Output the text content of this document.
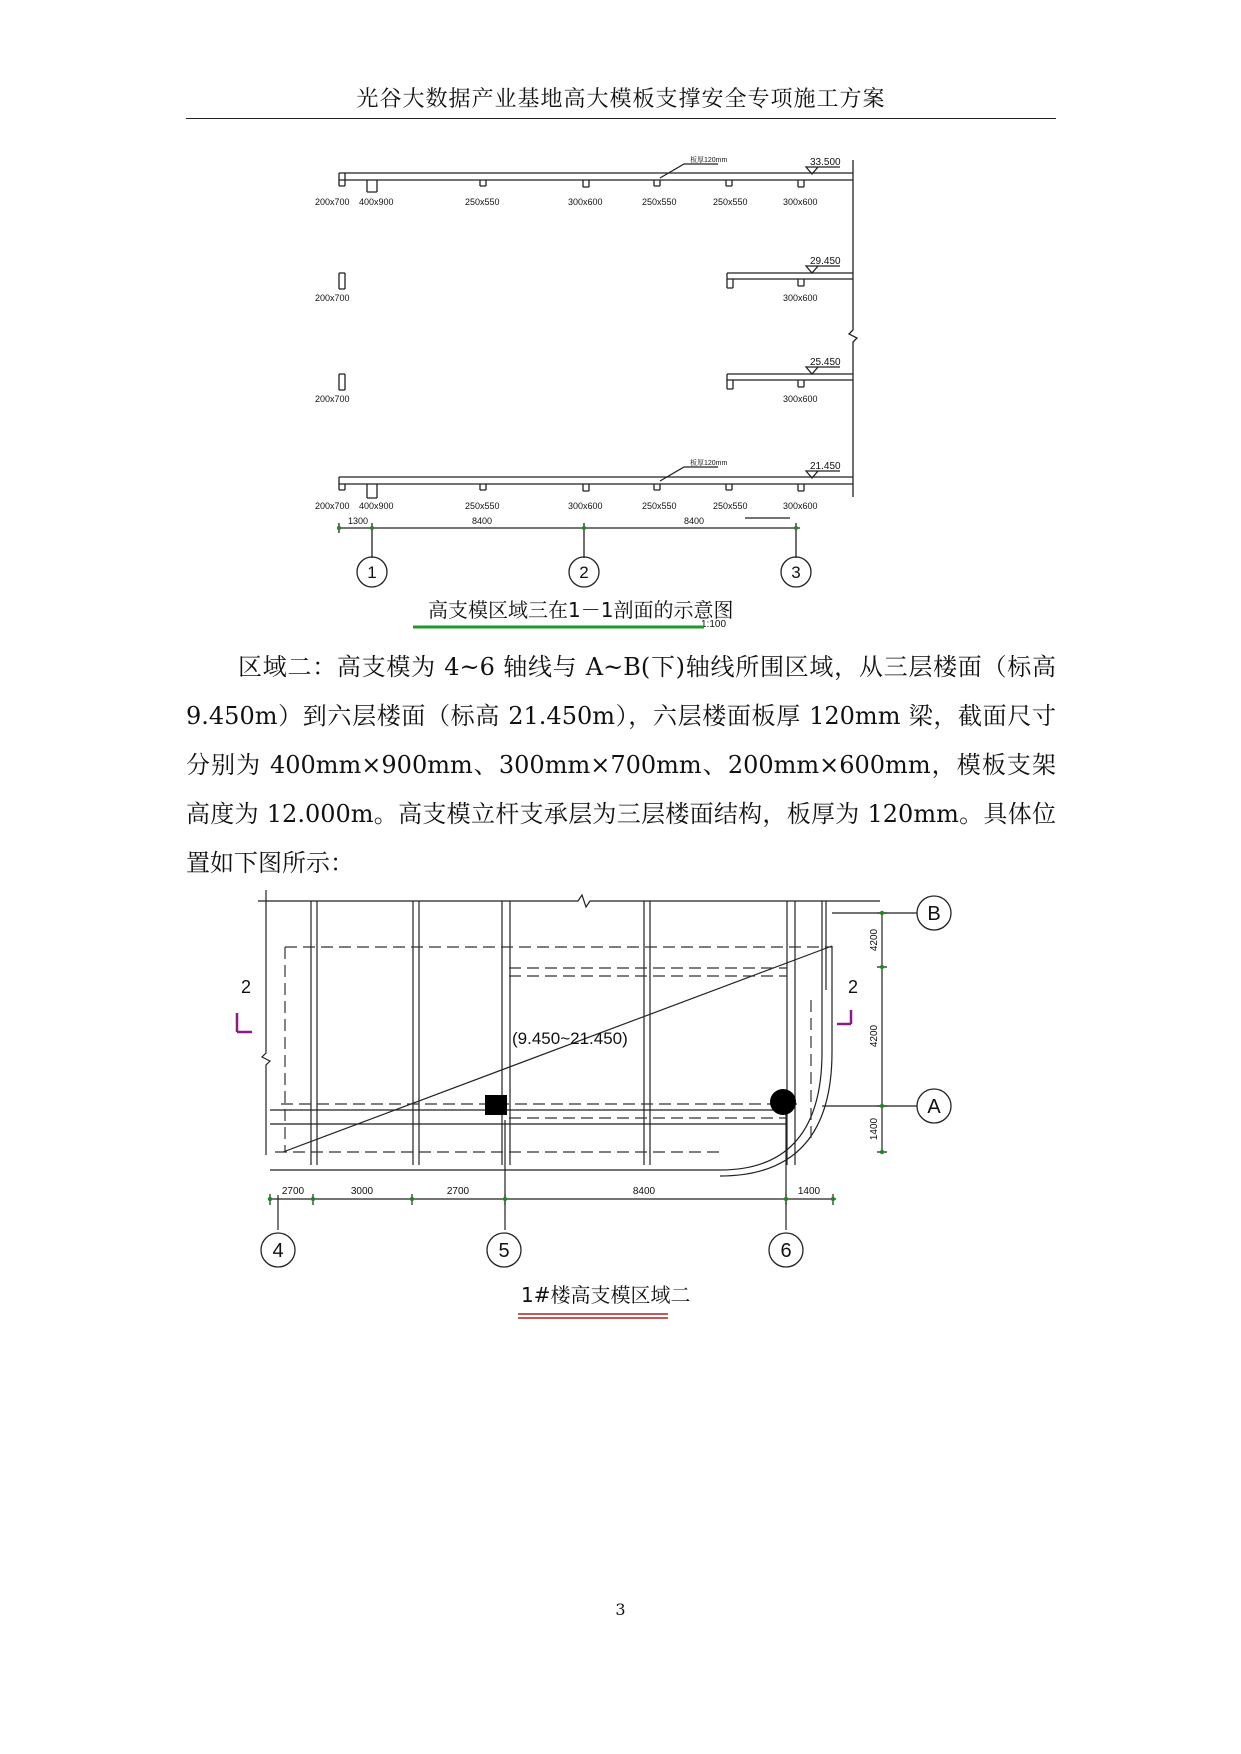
光谷大数据产业基地高大模板支撑安全专项施工方案
200x700 400x900	250x550	300x600	250x550	250x550	300x600
200x700
200x700
300x600
300x600
200x700 400x900	250x550	300x600	250x550	250x550	300x600
板厚120mm
板厚120mm
33.500
29.450
25.450
21.450
1300	8400	8400
1	2	3
高支模区域三在1－1剖面的示意图
1:100
区域二：高支模为 4~6 轴线与 A~B(下)轴线所围区域，从三层楼面（标高 9.450m）到六层楼面（标高 21.450m），六层楼面板厚 120mm 梁，截面尺寸分别为 400mm×900mm、300mm×700mm、200mm×600mm，模板支架高度为 12.000m。高支模立杆支承层为三层楼面结构，板厚为 120mm。具体位置如下图所示：
4	5	6
B
A
2700	3000	2700	8400	1400
4200
4200
1400
(9.450~21.450)
2	2
1#楼高支模区域二
3
